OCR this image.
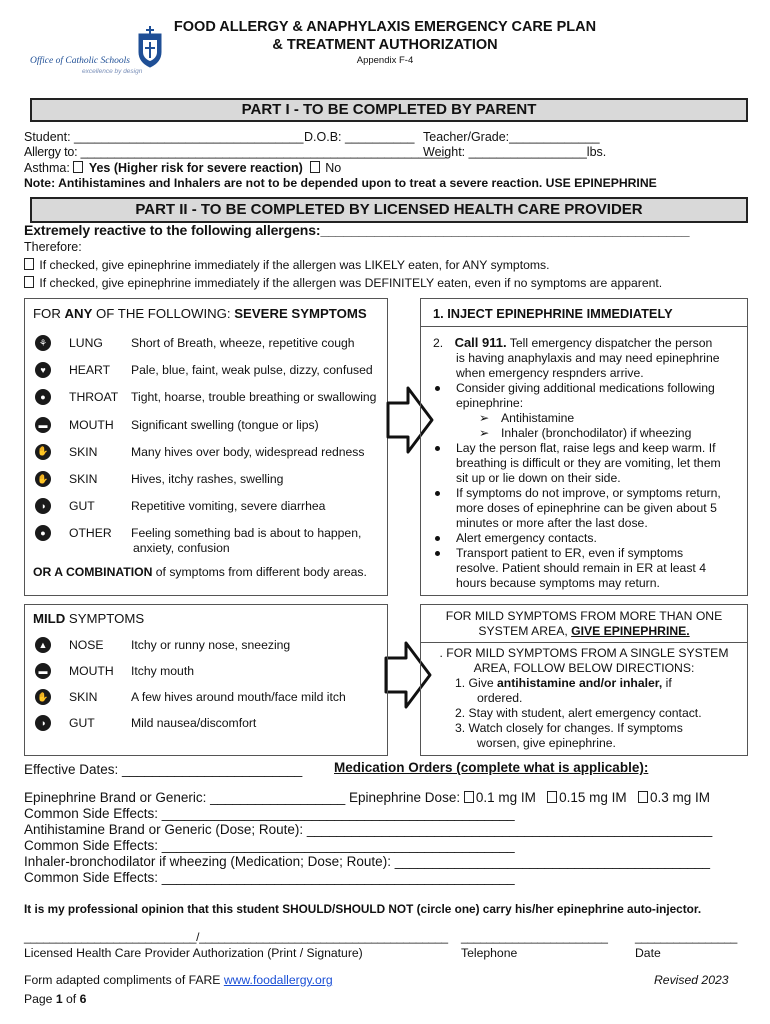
Office of Catholic Schools
excellence by design
FOOD ALLERGY & ANAPHYLAXIS EMERGENCY CARE PLAN
& TREATMENT AUTHORIZATION
Appendix F-4
PART I - TO BE COMPLETED BY PARENT
Student: _________________________________ D.O.B: __________ Teacher/Grade:_____________
Allergy to: ______________________________________________________
Weight: _________________lbs.
Asthma:  Yes (Higher risk for severe reaction) No
Note: Antihistamines and Inhalers are not to be depended upon to treat a severe reaction. USE EPINEPHRINE
PART II - TO BE COMPLETED BY LICENSED HEALTH CARE PROVIDER
Extremely reactive to the following allergens:________________________________________________
Therefore:
If checked, give epinephrine immediately if the allergen was LIKELY eaten, for ANY symptoms.
If checked, give epinephrine immediately if the allergen was DEFINITELY eaten, even if no symptoms are apparent.
FOR ANY OF THE FOLLOWING: SEVERE SYMPTOMS
⚘	LUNG Short of Breath, wheeze, repetitive cough
♥	HEART Pale, blue, faint, weak pulse, dizzy, confused
●	THROAT Tight, hoarse, trouble breathing or swallowing
▬ MOUTH Significant swelling (tongue or lips)
✋ SKIN	Many hives over body, widespread redness
✋ SKIN	Hives, itchy rashes, swelling
◑	GUT	Repetitive vomiting, severe diarrhea
●	OTHER Feeling something bad is about to happen,
anxiety, confusion
OR A COMBINATION of symptoms from different body areas.
1. INJECT EPINEPHRINE IMMEDIATELY
2. Call 911. Tell emergency dispatcher the person
is having anaphylaxis and may need epinephrine
when emergency respnders arrive.
Consider giving additional medications following
epinephrine:
➢ Antihistamine
➢ Inhaler (bronchodilator) if wheezing
Lay the person flat, raise legs and keep warm. If
breathing is difficult or they are vomiting, let them
sit up or lie down on their side.
If symptoms do not improve, or symptoms return,
more doses of epinephrine can be given about 5
minutes or more after the last dose.
Alert emergency contacts.
Transport patient to ER, even if symptoms
resolve. Patient should remain in ER at least 4
hours because symptoms may return.
MILD SYMPTOMS
▲ NOSE Itchy or runny nose, sneezing
▬ MOUTH Itchy mouth
✋ SKIN	A few hives around mouth/face mild itch
◑	GUT	Mild nausea/discomfort
FOR MILD SYMPTOMS FROM MORE THAN ONE
SYSTEM AREA, GIVE EPINEPHRINE.
. FOR MILD SYMPTOMS FROM A SINGLE SYSTEM
AREA, FOLLOW BELOW DIRECTIONS:
1. Give antihistamine and/or inhaler, if
ordered.
2. Stay with student, alert emergency contact.
3. Watch closely for changes. If symptoms
worsen, give epinephrine.
Effective Dates: ________________________ Medication Orders (complete what is applicable):
Epinephrine Brand or Generic: __________________ Epinephrine Dose: 0.1 mg IM 0.15 mg IM 0.3 mg IM
Common Side Effects: _______________________________________________
Antihistamine Brand or Generic (Dose; Route): ______________________________________________________
Common Side Effects: _______________________________________________
Inhaler-bronchodilator if wheezing (Medication; Dose; Route): __________________________________________
Common Side Effects: _______________________________________________
It is my professional opinion that this student SHOULD/SHOULD NOT (circle one) carry his/her epinephrine auto-injector.
___________________________/_______________________________________
Licensed Health Care Provider Authorization (Print / Signature)
_______________________
Telephone
________________
Date
Form adapted compliments of FARE www.foodallergy.org	Revised 2023
Page 1 of 6
